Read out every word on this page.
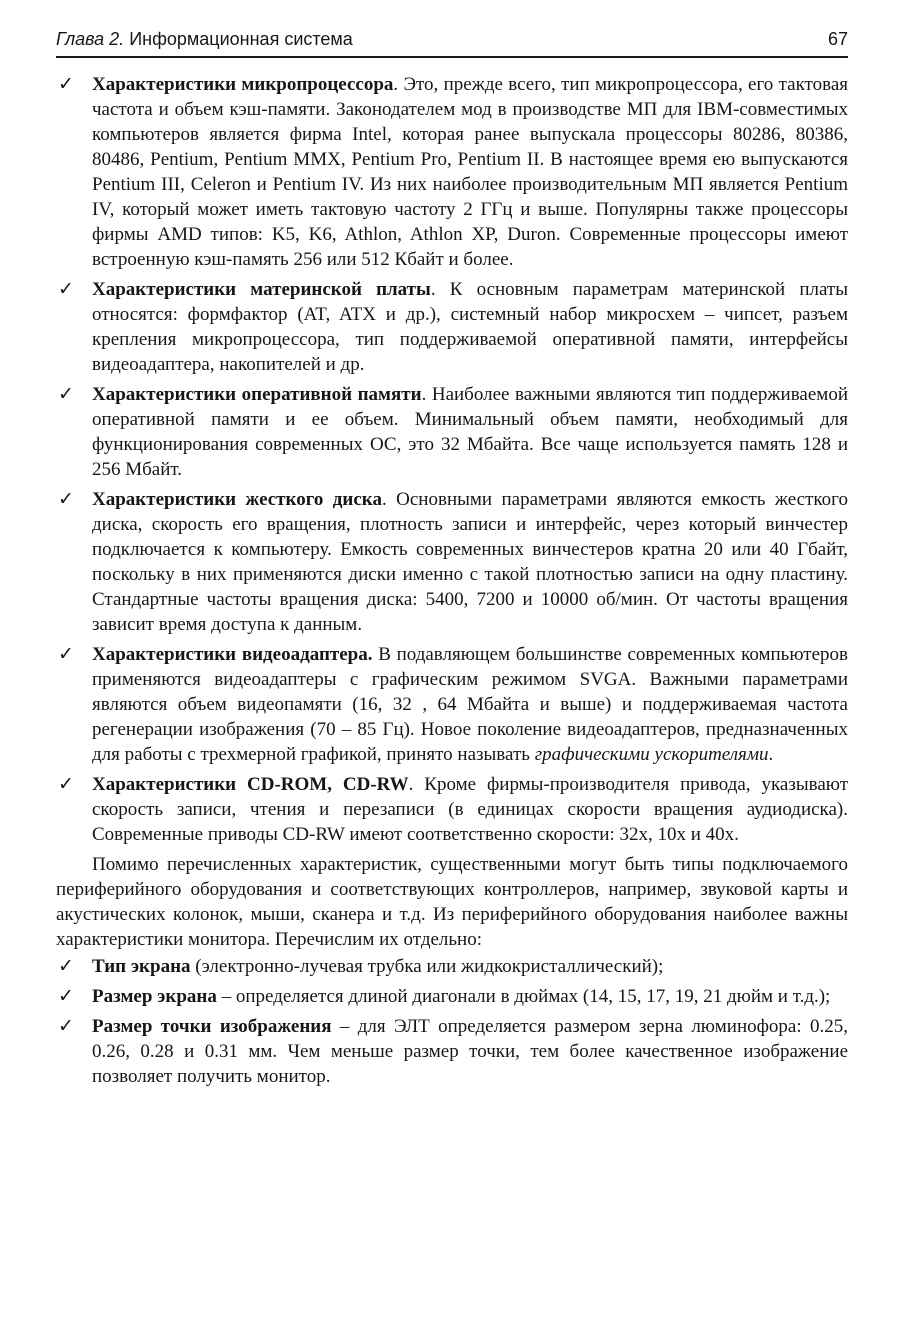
Глава 2. Информационная система	67
✓ Характеристики микропроцессора. Это, прежде всего, тип микропроцессора, его тактовая частота и объем кэш-памяти. Законодателем мод в производстве МП для IBM-совместимых компьютеров является фирма Intel, которая ранее выпускала процессоры 80286, 80386, 80486, Pentium, Pentium MMX, Pentium Pro, Pentium II. В настоящее время ею выпускаются Pentium III, Celeron и Pentium IV. Из них наиболее производительным МП является Pentium IV, который может иметь тактовую частоту 2 ГГц и выше. Популярны также процессоры фирмы AMD типов: K5, K6, Athlon, Athlon XP, Duron. Современные процессоры имеют встроенную кэш-память 256 или 512 Кбайт и более.
✓ Характеристики материнской платы. К основным параметрам материнской платы относятся: формфактор (AT, ATX и др.), системный набор микросхем – чипсет, разъем крепления микропроцессора, тип поддерживаемой оперативной памяти, интерфейсы видеоадаптера, накопителей и др.
✓ Характеристики оперативной памяти. Наиболее важными являются тип поддерживаемой оперативной памяти и ее объем. Минимальный объем памяти, необходимый для функционирования современных ОС, это 32 Мбайта. Все чаще используется память 128 и 256 Мбайт.
✓ Характеристики жесткого диска. Основными параметрами являются емкость жесткого диска, скорость его вращения, плотность записи и интерфейс, через который винчестер подключается к компьютеру. Емкость современных винчестеров кратна 20 или 40 Гбайт, поскольку в них применяются диски именно с такой плотностью записи на одну пластину. Стандартные частоты вращения диска: 5400, 7200 и 10000 об/мин. От частоты вращения зависит время доступа к данным.
✓ Характеристики видеоадаптера. В подавляющем большинстве современных компьютеров применяются видеоадаптеры с графическим режимом SVGA. Важными параметрами являются объем видеопамяти (16, 32 , 64 Мбайта и выше) и поддерживаемая частота регенерации изображения (70 – 85 Гц). Новое поколение видеоадаптеров, предназначенных для работы с трехмерной графикой, принято называть графическими ускорителями.
✓ Характеристики CD-ROM, CD-RW. Кроме фирмы-производителя привода, указывают скорость записи, чтения и перезаписи (в единицах скорости вращения аудиодиска). Современные приводы CD-RW имеют соответственно скорости: 32х, 10х и 40х.

Помимо перечисленных характеристик, существенными могут быть типы подключаемого периферийного оборудования и соответствующих контроллеров, например, звуковой карты и акустических колонок, мыши, сканера и т.д. Из периферийного оборудования наиболее важны характеристики монитора. Перечислим их отдельно:

✓ Тип экрана (электронно-лучевая трубка или жидкокристаллический);
✓ Размер экрана – определяется длиной диагонали в дюймах (14, 15, 17, 19, 21 дюйм и т.д.);
✓ Размер точки изображения – для ЭЛТ определяется размером зерна люминофора: 0.25, 0.26, 0.28 и 0.31 мм. Чем меньше размер точки, тем более качественное изображение позволяет получить монитор.
